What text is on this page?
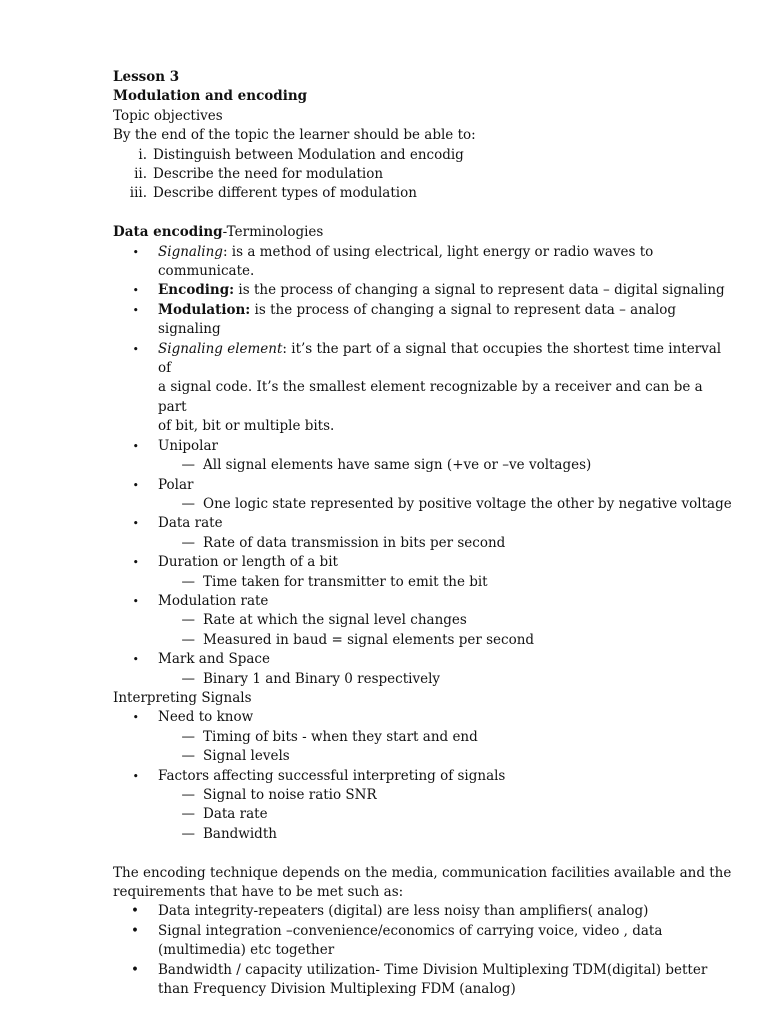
Lesson 3
Modulation and encoding
Topic objectives
By the end of the topic the learner should be able to:
i. Distinguish between Modulation and encodig
ii. Describe the need for modulation
iii. Describe different types of modulation
Data encoding-Terminologies
•	Signaling: is a method of using electrical, light energy or radio waves to
communicate.
•	Encoding: is the process of changing a signal to represent data – digital signaling
•	Modulation: is the process of changing a signal to represent data – analog signaling
•	Signaling element: it’s the part of a signal that occupies the shortest time interval of
a signal code. It’s the smallest element recognizable by a receiver and can be a part
of bit, bit or multiple bits.
•	Unipolar
— All signal elements have same sign (+ve or –ve voltages)
•	Polar
— One logic state represented by positive voltage the other by negative voltage
•	Data rate
— Rate of data transmission in bits per second
•	Duration or length of a bit
— Time taken for transmitter to emit the bit
•	Modulation rate
— Rate at which the signal level changes
— Measured in baud = signal elements per second
•	Mark and Space
— Binary 1 and Binary 0 respectively
Interpreting Signals
•	Need to know
— Timing of bits - when they start and end
— Signal levels
•	Factors affecting successful interpreting of signals
— Signal to noise ratio SNR
— Data rate
— Bandwidth
The encoding technique depends on the media, communication facilities available and the
requirements that have to be met such as:
•	Data integrity-repeaters (digital) are less noisy than amplifiers( analog)
•	Signal integration –convenience/economics of carrying voice, video , data
(multimedia) etc together
•	Bandwidth / capacity utilization- Time Division Multiplexing TDM(digital) better
than Frequency Division Multiplexing FDM (analog)
